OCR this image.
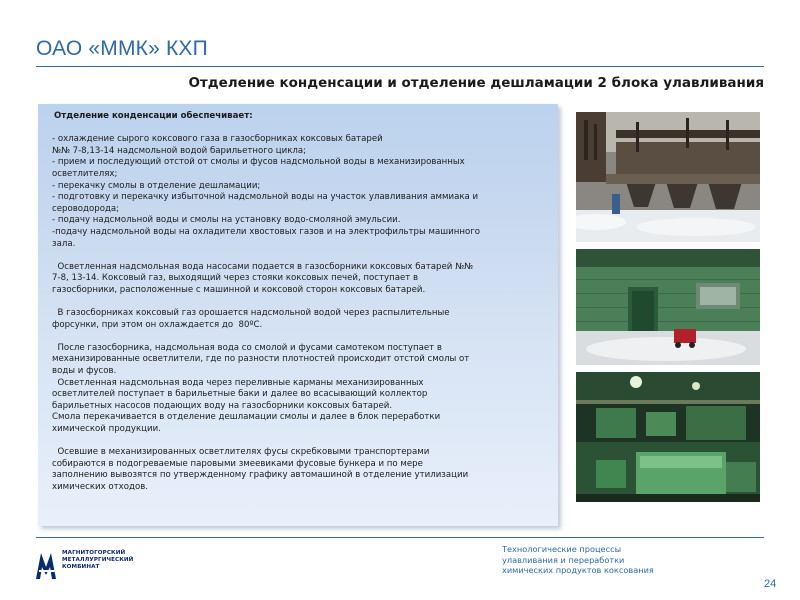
ОАО «ММК» КХП
Отделение конденсации и отделение дешламации 2 блока улавливания
Отделение конденсации обеспечивает:

- охлаждение сырого коксового газа в газосборниках коксовых батарей
№№ 7-8,13-14 надсмольной водой барильетного цикла;
- прием и последующий отстой от смолы и фусов надсмольной воды в механизированных
осветлителях;
- перекачку смолы в отделение дешламации;
- подготовку и перекачку избыточной надсмольной воды на участок улавливания аммиака и
сероводорода;
- подачу надсмольной воды и смолы на установку водо-смоляной эмульсии.
-подачу надсмольной воды на охладители хвостовых газов и на электрофильтры машинного
зала.

Осветленная надсмольная вода насосами подается в газосборники коксовых батарей №№
7-8, 13-14. Коксовый газ, выходящий через стояки коксовых печей, поступает в
газосборники, расположенные с машинной и коксовой сторон коксовых батарей.

В газосборниках коксовый газ орошается надсмольной водой через распылительные
форсунки, при этом он охлаждается до  80ºС.

После газосборника, надсмольная вода со смолой и фусами самотеком поступает в
механизированные осветлители, где по разности плотностей происходит отстой смолы от
воды и фусов.
Осветленная надсмольная вода через переливные карманы механизированных
осветлителей поступает в барильетные баки и далее во всасывающий коллектор
барильетных насосов подающих воду на газосборники коксовых батарей.
Смола перекачивается в отделение дешламации смолы и далее в блок переработки
химической продукции.

Осевшие в механизированных осветлителях фусы скребковыми транспортерами
собираются в подогреваемые паровыми змеевиками фусовые бункера и по мере
заполнению вывозятся по утвержденному графику автомашиной в отделение утилизации
химических отходов.
МАГНИТОГОРСКИЙ
МЕТАЛЛУРГИЧЕСКИЙ
КОМБИНАТ
Технологические процессы
улавливания и переработки
химических продуктов коксования
24
